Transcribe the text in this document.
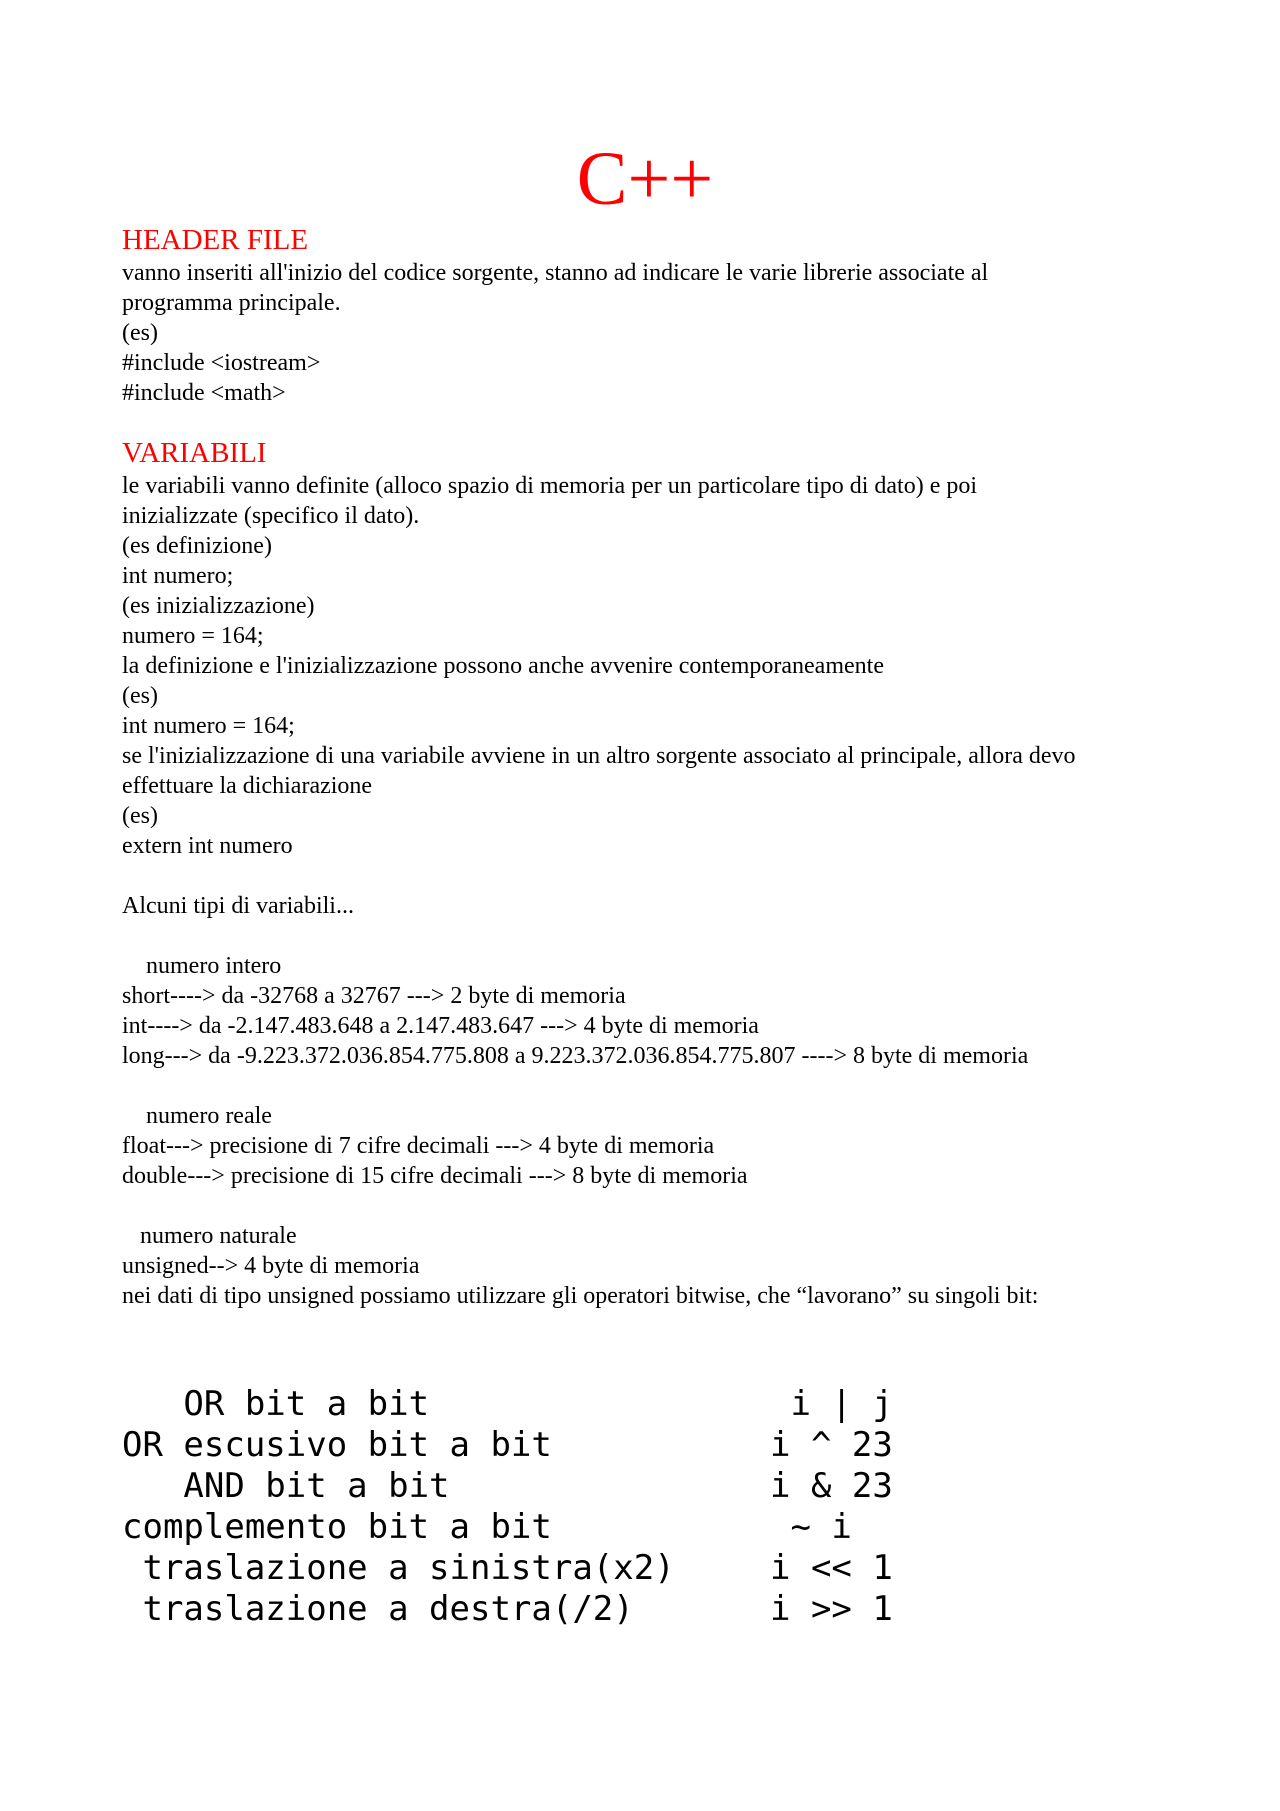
C++
HEADER FILE
vanno inseriti all'inizio del codice sorgente, stanno ad indicare le varie librerie associate al
programma principale.
(es)
#include <iostream>
#include <math>
VARIABILI
le variabili vanno definite (alloco spazio di memoria per un particolare tipo di dato) e poi
inizializzate (specifico il dato).
(es definizione)
int numero;
(es inizializzazione)
numero = 164;
la definizione e l'inizializzazione possono anche avvenire contemporaneamente
(es)
int numero = 164;
se l'inizializzazione di una variabile avviene in un altro sorgente associato al principale, allora devo
effettuare la dichiarazione
(es)
extern int numero
Alcuni tipi di variabili...
numero intero
short----> da -32768 a 32767 ---> 2 byte di memoria
int----> da -2.147.483.648 a 2.147.483.647 ---> 4 byte di memoria
long---> da -9.223.372.036.854.775.808 a 9.223.372.036.854.775.807 ----> 8 byte di memoria
numero reale
float---> precisione di 7 cifre decimali ---> 4 byte di memoria
double---> precisione di 15 cifre decimali ---> 8 byte di memoria
numero naturale
unsigned--> 4 byte di memoria
nei dati di tipo unsigned possiamo utilizzare gli operatori bitwise, che “lavorano” su singoli bit:

OR bit a bit

	i | j

OR escusivo bit a bit

	i ^ 23

AND bit a bit

	i & 23

complemento bit a bit

	~ i

traslazione a sinistra(x2)

	i << 1

traslazione a destra(/2)

	i >> 1
